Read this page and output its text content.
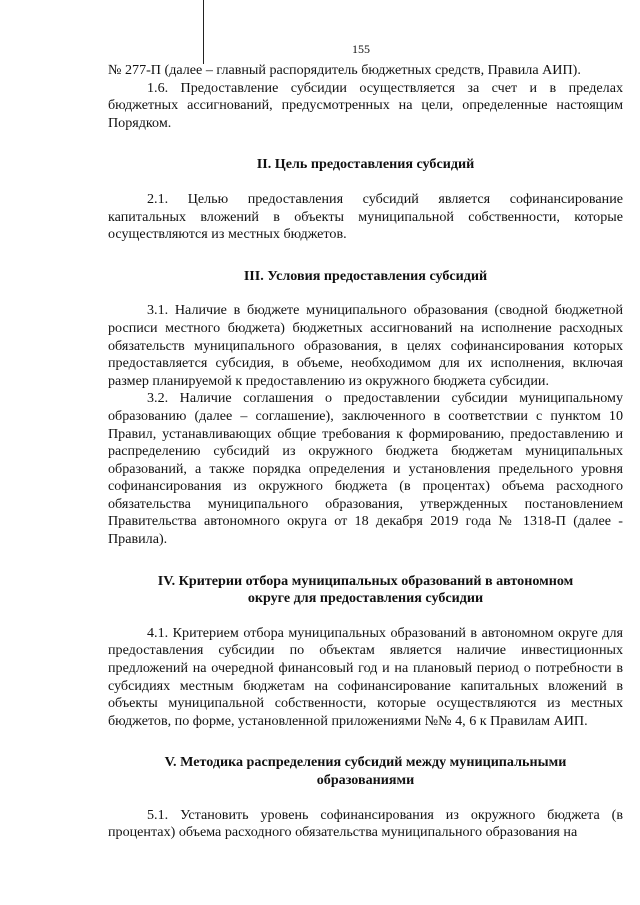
155

№ 277-П (далее – главный распорядитель бюджетных средств, Правила АИП).

1.6. Предоставление субсидии осуществляется за счет и в пределах бюджетных ассигнований, предусмотренных на цели, определенные настоящим Порядком.

II. Цель предоставления субсидий

2.1. Целью предоставления субсидий является софинансирование капитальных вложений в объекты муниципальной собственности, которые осуществляются из местных бюджетов.

III. Условия предоставления субсидий

3.1. Наличие в бюджете муниципального образования (сводной бюджетной росписи местного бюджета) бюджетных ассигнований на исполнение расходных обязательств муниципального образования, в целях софинансирования которых предоставляется субсидия, в объеме, необходимом для их исполнения, включая размер планируемой к предоставлению из окружного бюджета субсидии.

3.2. Наличие соглашения о предоставлении субсидии муниципальному образованию (далее – соглашение), заключенного в соответствии с пунктом 10 Правил, устанавливающих общие требования к формированию, предоставлению и распределению субсидий из окружного бюджета бюджетам муниципальных образований, а также порядка определения и установления предельного уровня софинансирования из окружного бюджета (в процентах) объема расходного обязательства муниципального образования, утвержденных постановлением Правительства автономного округа от 18 декабря 2019 года № 1318-П (далее - Правила).

IV. Критерии отбора муниципальных образований в автономном
округе для предоставления субсидии

4.1. Критерием отбора муниципальных образований в автономном округе для предоставления субсидии по объектам является наличие инвестиционных предложений на очередной финансовый год и на плановый период о потребности в субсидиях местным бюджетам на софинансирование капитальных вложений в объекты муниципальной собственности, которые осуществляются из местных бюджетов, по форме, установленной приложениями №№ 4, 6 к Правилам АИП.

V. Методика распределения субсидий между муниципальными
образованиями

5.1. Установить уровень софинансирования из окружного бюджета (в процентах) объема расходного обязательства муниципального образования на
